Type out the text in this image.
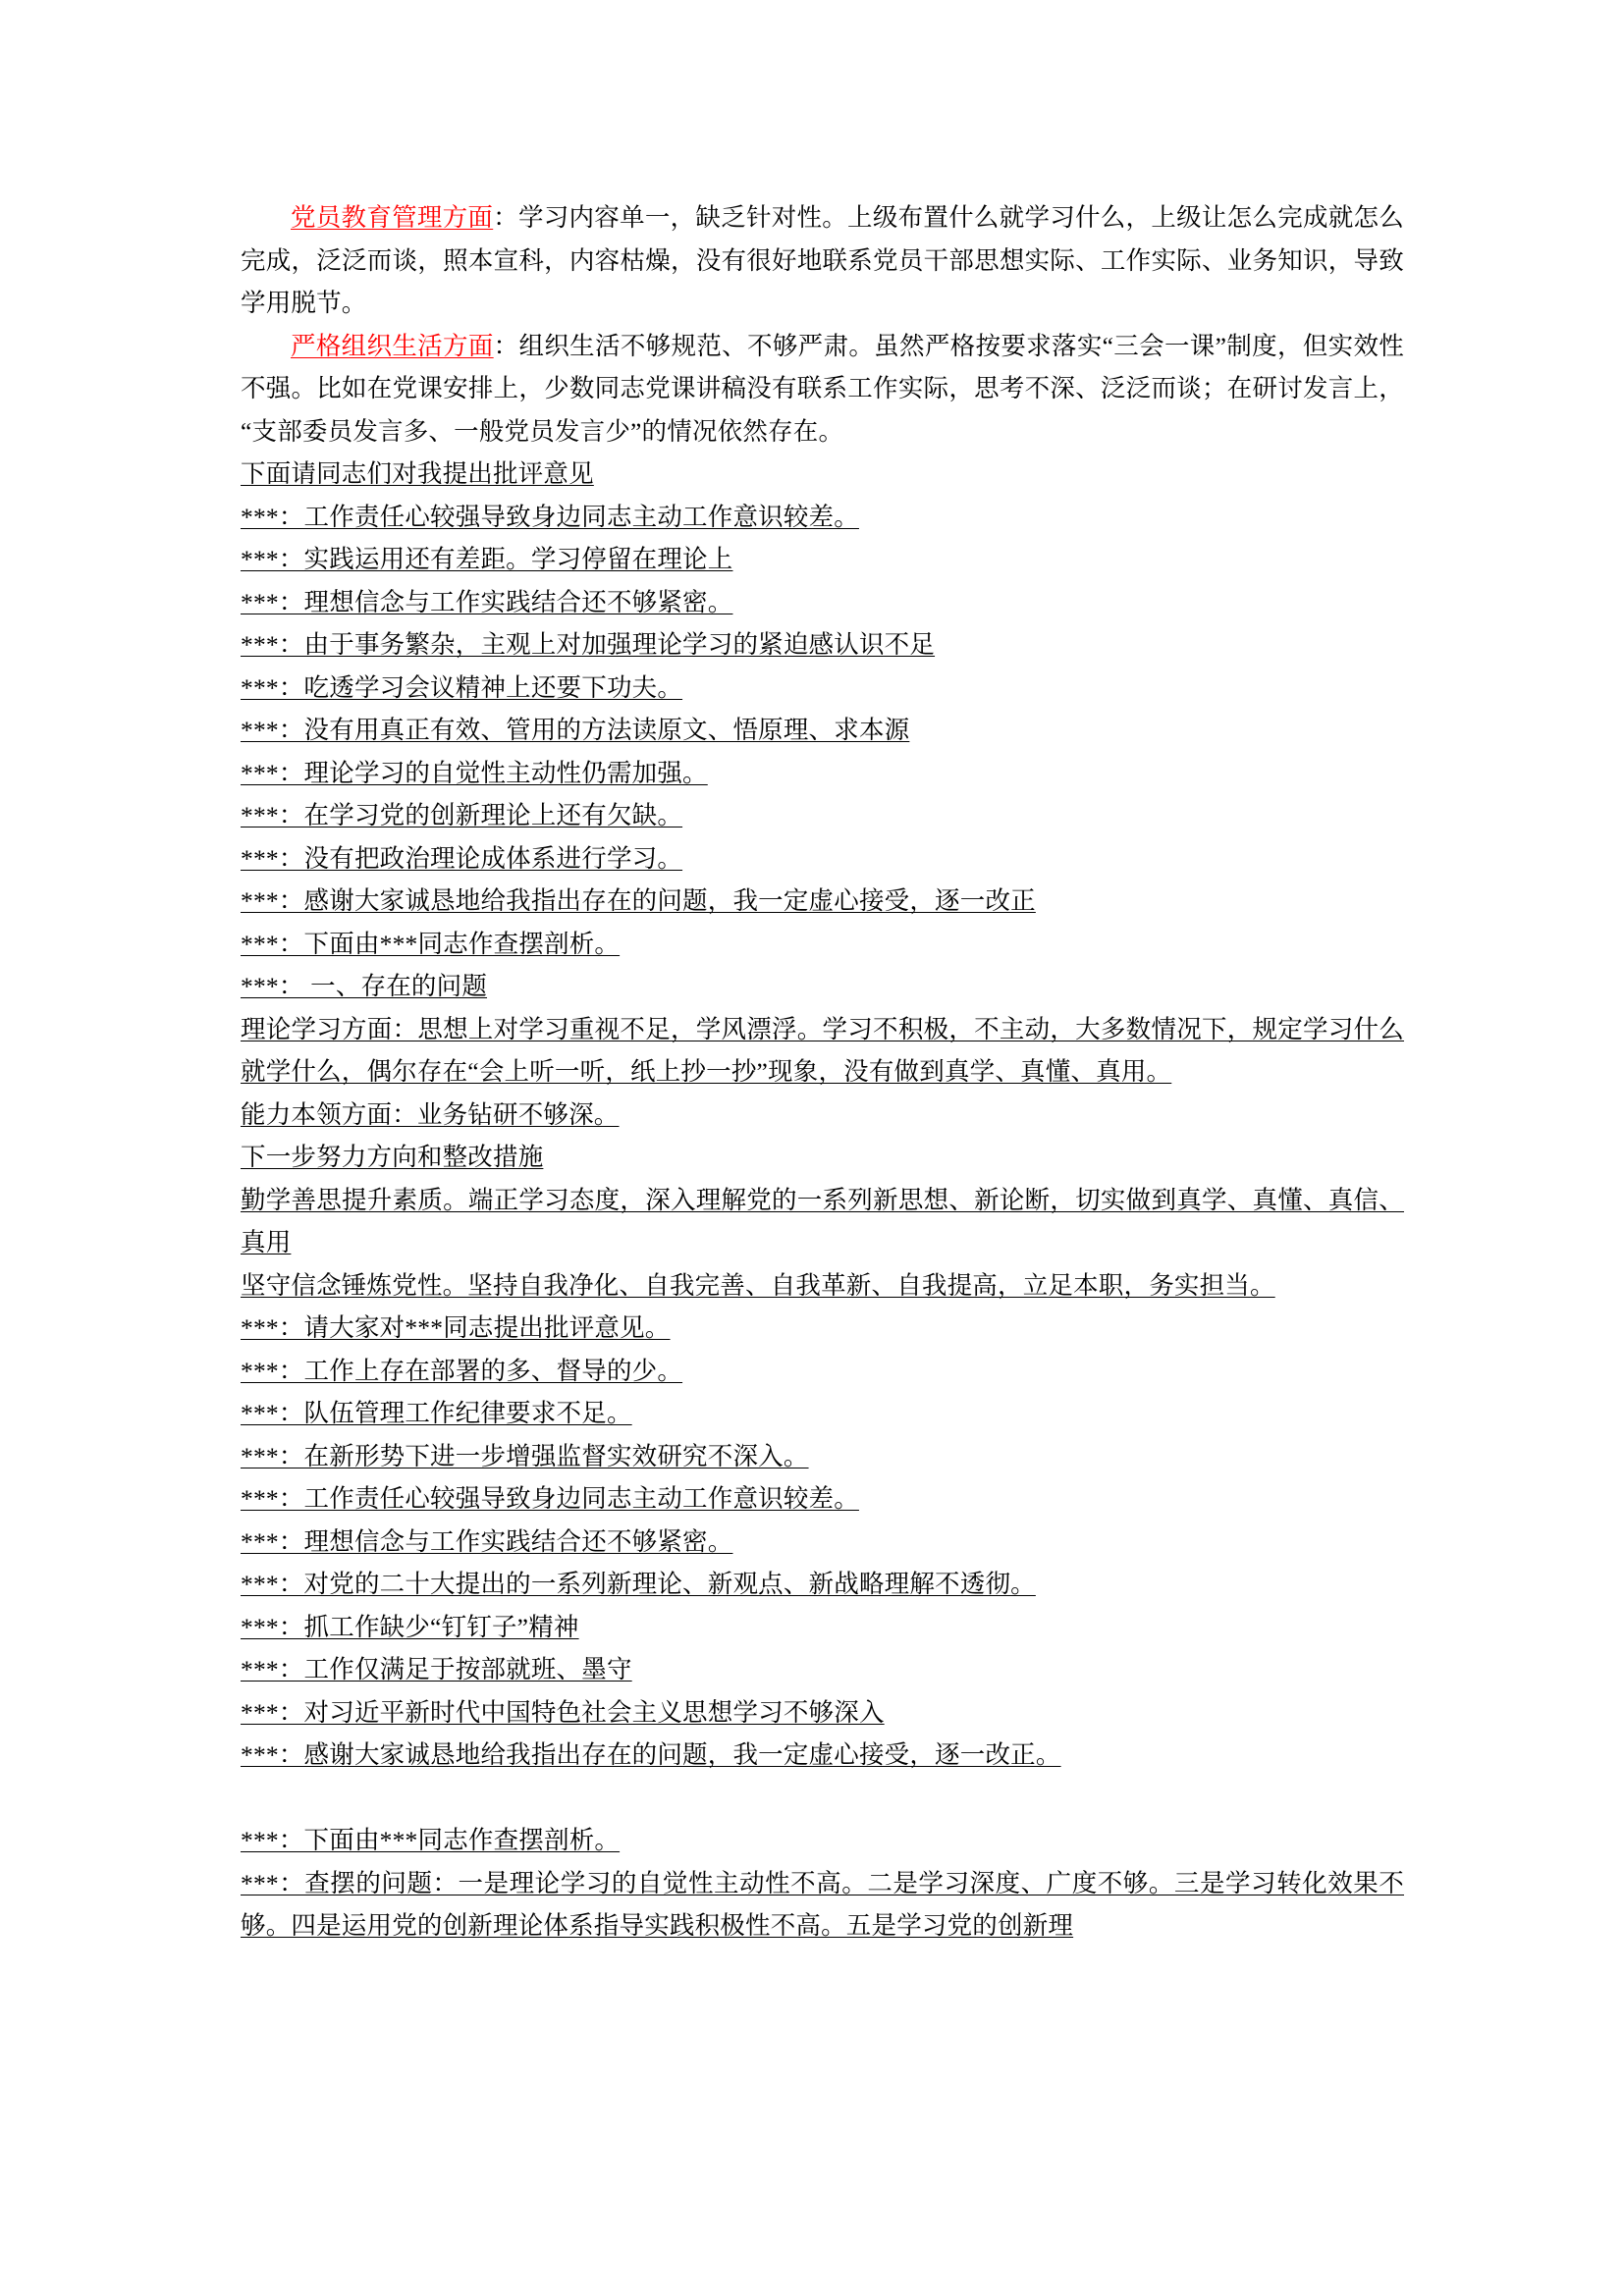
党员教育管理方面：学习内容单一，缺乏针对性。上级布置什么就学习什么，上级让怎么完成就怎么完成，泛泛而谈，照本宣科，内容枯燥，没有很好地联系党员干部思想实际、工作实际、业务知识，导致学用脱节。

严格组织生活方面：组织生活不够规范、不够严肃。虽然严格按要求落实“三会一课”制度，但实效性不强。比如在党课安排上，少数同志党课讲稿没有联系工作实际，思考不深、泛泛而谈；在研讨发言上，“支部委员发言多、一般党员发言少”的情况依然存在。

下面请同志们对我提出批评意见

***：工作责任心较强导致身边同志主动工作意识较差。

***：实践运用还有差距。学习停留在理论上

***：理想信念与工作实践结合还不够紧密。

***：由于事务繁杂，主观上对加强理论学习的紧迫感认识不足

***：吃透学习会议精神上还要下功夫。

***：没有用真正有效、管用的方法读原文、悟原理、求本源

***：理论学习的自觉性主动性仍需加强。

***：在学习党的创新理论上还有欠缺。

***：没有把政治理论成体系进行学习。

***：感谢大家诚恳地给我指出存在的问题，我一定虚心接受，逐一改正

***：下面由***同志作查摆剖析。

***： 一、存在的问题

理论学习方面：思想上对学习重视不足，学风漂浮。学习不积极，不主动，大多数情况下，规定学习什么就学什么，偶尔存在“会上听一听，纸上抄一抄”现象，没有做到真学、真懂、真用。

能力本领方面：业务钻研不够深。

下一步努力方向和整改措施

勤学善思提升素质。端正学习态度，深入理解党的一系列新思想、新论断，切实做到真学、真懂、真信、真用

坚守信念锤炼党性。坚持自我净化、自我完善、自我革新、自我提高，立足本职，务实担当。

***：请大家对***同志提出批评意见。

***：工作上存在部署的多、督导的少。

***：队伍管理工作纪律要求不足。

***：在新形势下进一步增强监督实效研究不深入。

***：工作责任心较强导致身边同志主动工作意识较差。

***：理想信念与工作实践结合还不够紧密。

***：对党的二十大提出的一系列新理论、新观点、新战略理解不透彻。

***：抓工作缺少“钉钉子”精神

***：工作仅满足于按部就班、墨守

***：对习近平新时代中国特色社会主义思想学习不够深入

***：感谢大家诚恳地给我指出存在的问题，我一定虚心接受，逐一改正。

***：下面由***同志作查摆剖析。

***：查摆的问题：一是理论学习的自觉性主动性不高。二是学习深度、广度不够。三是学习转化效果不够。四是运用党的创新理论体系指导实践积极性不高。五是学习党的创新理
